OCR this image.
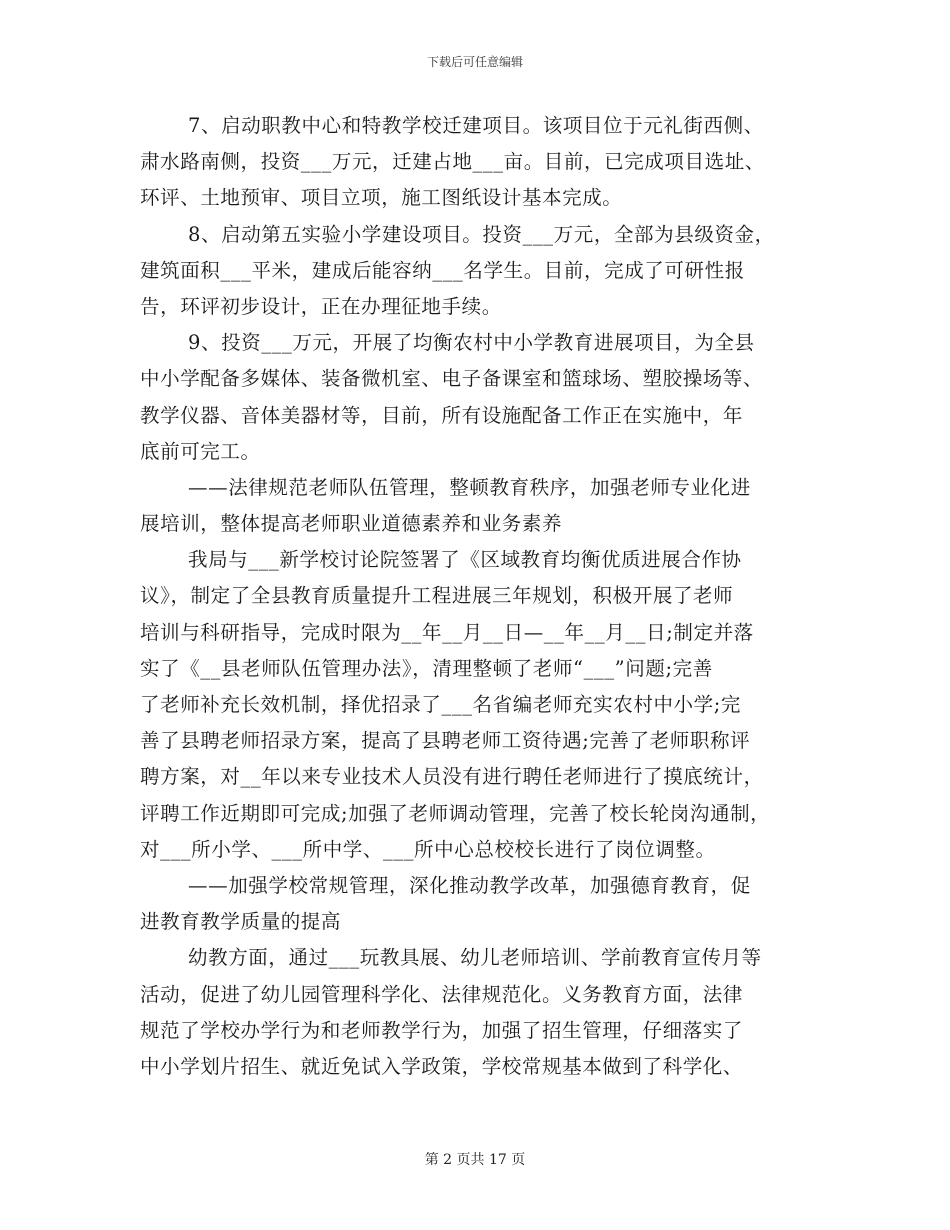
下载后可任意编辑
7、启动职教中心和特教学校迁建项目。该项目位于元礼街西侧、
肃水路南侧，投资___万元，迁建占地___亩。目前，已完成项目选址、
环评、土地预审、项目立项，施工图纸设计基本完成。
8、启动第五实验小学建设项目。投资___万元，全部为县级资金，
建筑面积___平米，建成后能容纳___名学生。目前，完成了可研性报
告，环评初步设计，正在办理征地手续。
9、投资___万元，开展了均衡农村中小学教育进展项目，为全县
中小学配备多媒体、装备微机室、电子备课室和篮球场、塑胶操场等、
教学仪器、音体美器材等，目前，所有设施配备工作正在实施中，年
底前可完工。
——法律规范老师队伍管理，整顿教育秩序，加强老师专业化进
展培训，整体提高老师职业道德素养和业务素养
我局与___新学校讨论院签署了《区域教育均衡优质进展合作协
议》，制定了全县教育质量提升工程进展三年规划，积极开展了老师
培训与科研指导，完成时限为__年__月__日—__年__月__日;制定并落
实了《__县老师队伍管理办法》，清理整顿了老师“___”问题;完善
了老师补充长效机制，择优招录了___名省编老师充实农村中小学;完
善了县聘老师招录方案，提高了县聘老师工资待遇;完善了老师职称评
聘方案，对__年以来专业技术人员没有进行聘任老师进行了摸底统计，
评聘工作近期即可完成;加强了老师调动管理，完善了校长轮岗沟通制，
对___所小学、___所中学、___所中心总校校长进行了岗位调整。
——加强学校常规管理，深化推动教学改革，加强德育教育，促
进教育教学质量的提高
幼教方面，通过___玩教具展、幼儿老师培训、学前教育宣传月等
活动，促进了幼儿园管理科学化、法律规范化。义务教育方面，法律
规范了学校办学行为和老师教学行为，加强了招生管理，仔细落实了
中小学划片招生、就近免试入学政策，学校常规基本做到了科学化、
第 2 页共 17 页
